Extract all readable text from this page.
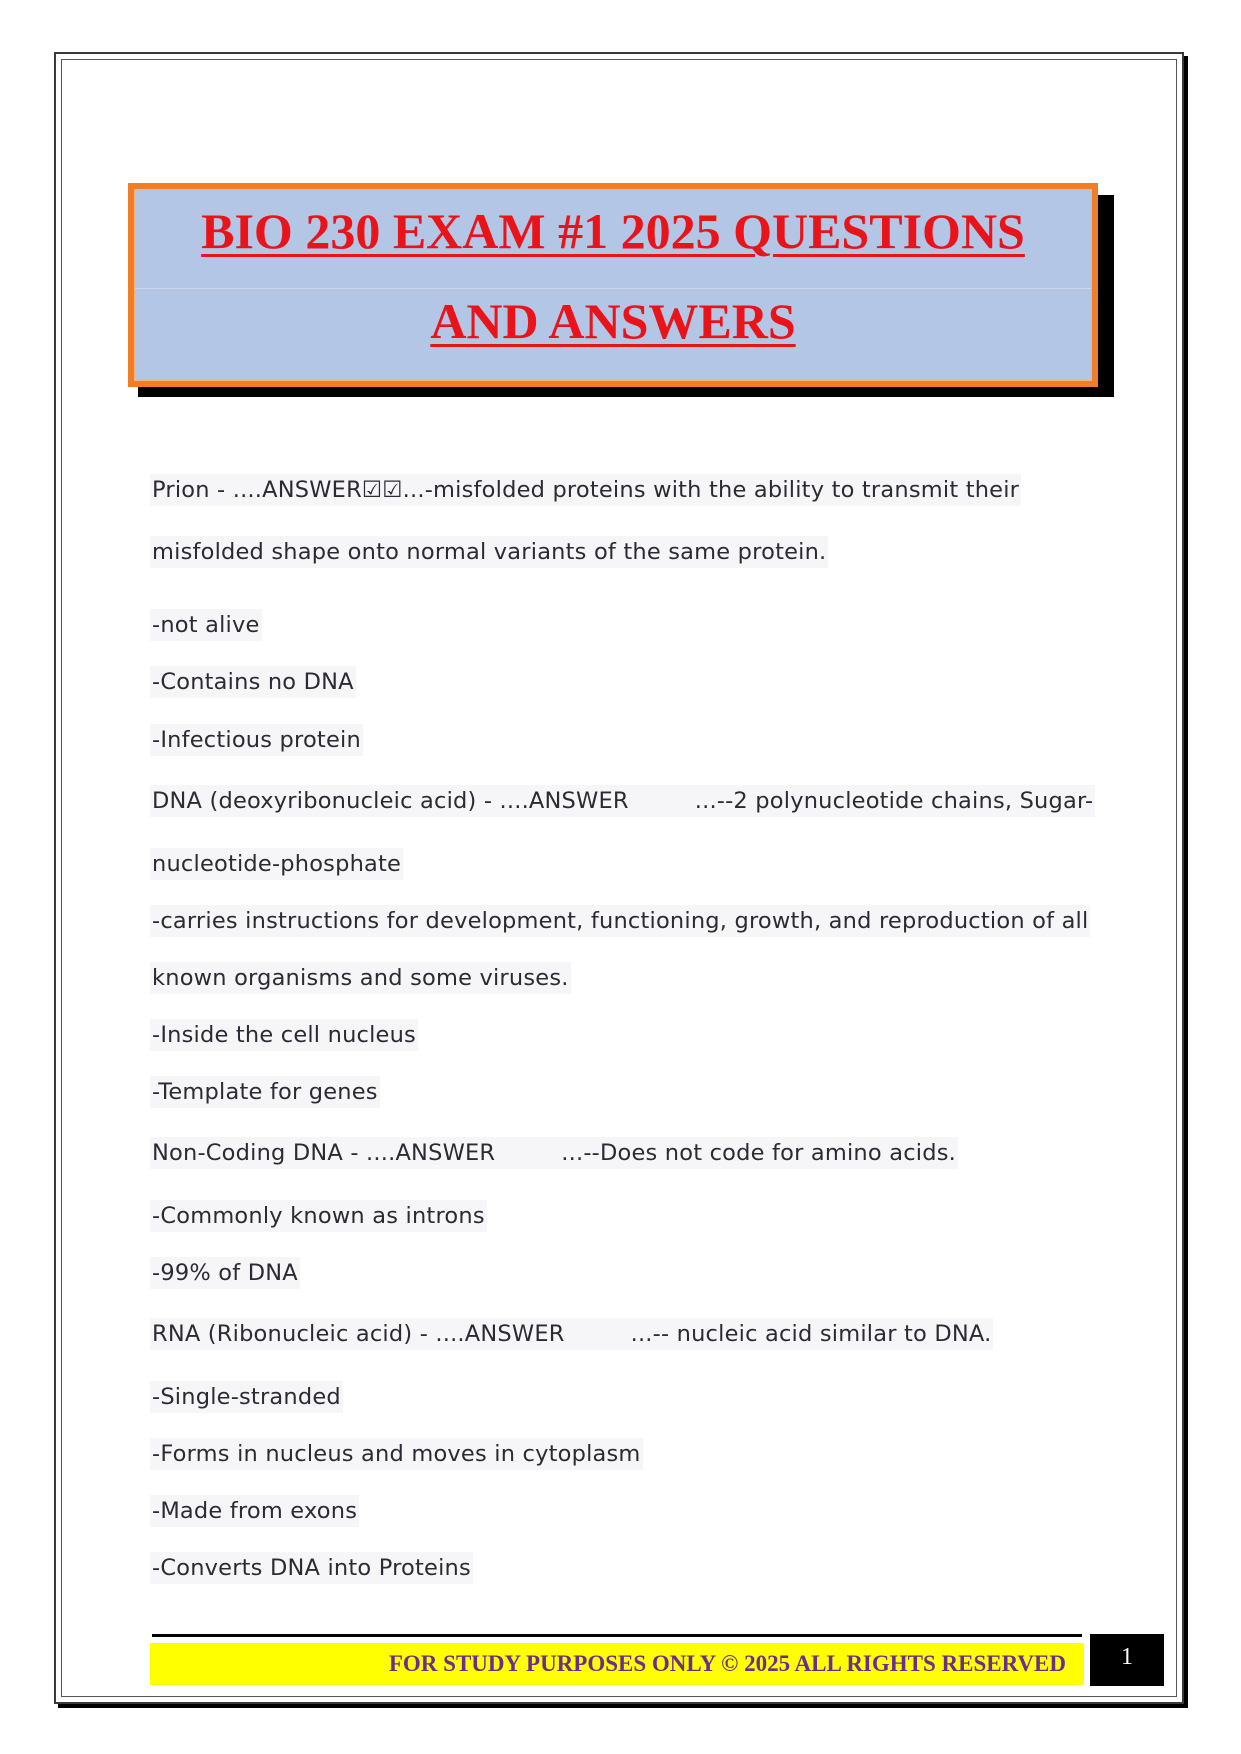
BIO 230 EXAM #1 2025 QUESTIONS
AND ANSWERS
Prion - ....ANSWER☑☑...-misfolded proteins with the ability to transmit their
misfolded shape onto normal variants of the same protein.
-not alive
-Contains no DNA
-Infectious protein
DNA (deoxyribonucleic acid) - ....ANSWER	...--2 polynucleotide chains, Sugar-
nucleotide-phosphate
-carries instructions for development, functioning, growth, and reproduction of all
known organisms and some viruses.
-Inside the cell nucleus
-Template for genes
Non-Coding DNA - ....ANSWER	...--Does not code for amino acids.
-Commonly known as introns
-99% of DNA
RNA (Ribonucleic acid) - ....ANSWER	...-- nucleic acid similar to DNA.
-Single-stranded
-Forms in nucleus and moves in cytoplasm
-Made from exons
-Converts DNA into Proteins
FOR STUDY PURPOSES ONLY © 2025 ALL RIGHTS RESERVED	1
